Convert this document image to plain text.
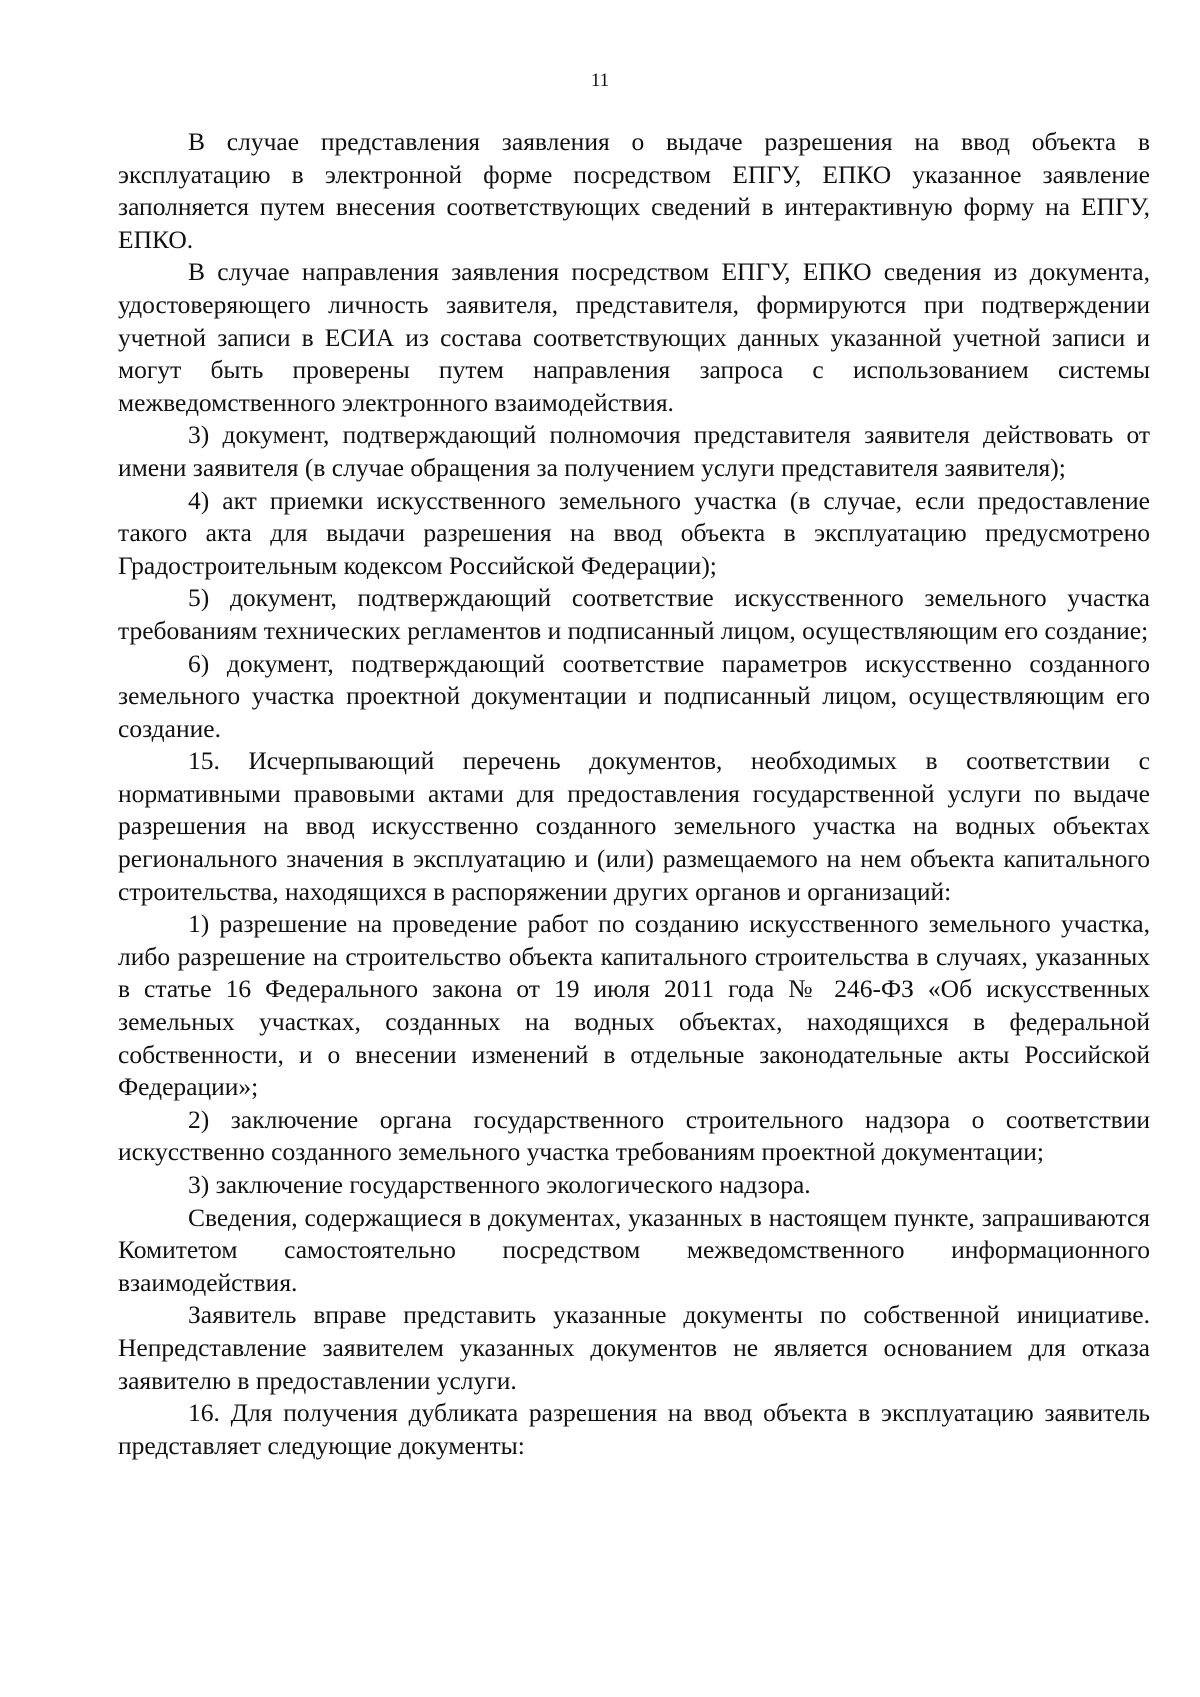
11

В случае представления заявления о выдаче разрешения на ввод объекта в эксплуатацию в электронной форме посредством ЕПГУ, ЕПКО указанное заявление заполняется путем внесения соответствующих сведений в интерактивную форму на ЕПГУ, ЕПКО.

В случае направления заявления посредством ЕПГУ, ЕПКО сведения из документа, удостоверяющего личность заявителя, представителя, формируются при подтверждении учетной записи в ЕСИА из состава соответствующих данных указанной учетной записи и могут быть проверены путем направления запроса с использованием системы межведомственного электронного взаимодействия.

3) документ, подтверждающий полномочия представителя заявителя действовать от имени заявителя (в случае обращения за получением услуги представителя заявителя);

4) акт приемки искусственного земельного участка (в случае, если предоставление такого акта для выдачи разрешения на ввод объекта в эксплуатацию предусмотрено Градостроительным кодексом Российской Федерации);

5) документ, подтверждающий соответствие искусственного земельного участка требованиям технических регламентов и подписанный лицом, осуществляющим его создание;

6) документ, подтверждающий соответствие параметров искусственно созданного земельного участка проектной документации и подписанный лицом, осуществляющим его создание.

15. Исчерпывающий перечень документов, необходимых в соответствии с нормативными правовыми актами для предоставления государственной услуги по выдаче разрешения на ввод искусственно созданного земельного участка на водных объектах регионального значения в эксплуатацию и (или) размещаемого на нем объекта капитального строительства, находящихся в распоряжении других органов и организаций:

1) разрешение на проведение работ по созданию искусственного земельного участка, либо разрешение на строительство объекта капитального строительства в случаях, указанных в статье 16 Федерального закона от 19 июля 2011 года № 246-ФЗ «Об искусственных земельных участках, созданных на водных объектах, находящихся в федеральной собственности, и о внесении изменений в отдельные законодательные акты Российской Федерации»;

2) заключение органа государственного строительного надзора о соответствии искусственно созданного земельного участка требованиям проектной документации;

3) заключение государственного экологического надзора.

Сведения, содержащиеся в документах, указанных в настоящем пункте, запрашиваются Комитетом самостоятельно посредством межведомственного информационного взаимодействия.

Заявитель вправе представить указанные документы по собственной инициативе. Непредставление заявителем указанных документов не является основанием для отказа заявителю в предоставлении услуги.

16. Для получения дубликата разрешения на ввод объекта в эксплуатацию заявитель представляет следующие документы:
